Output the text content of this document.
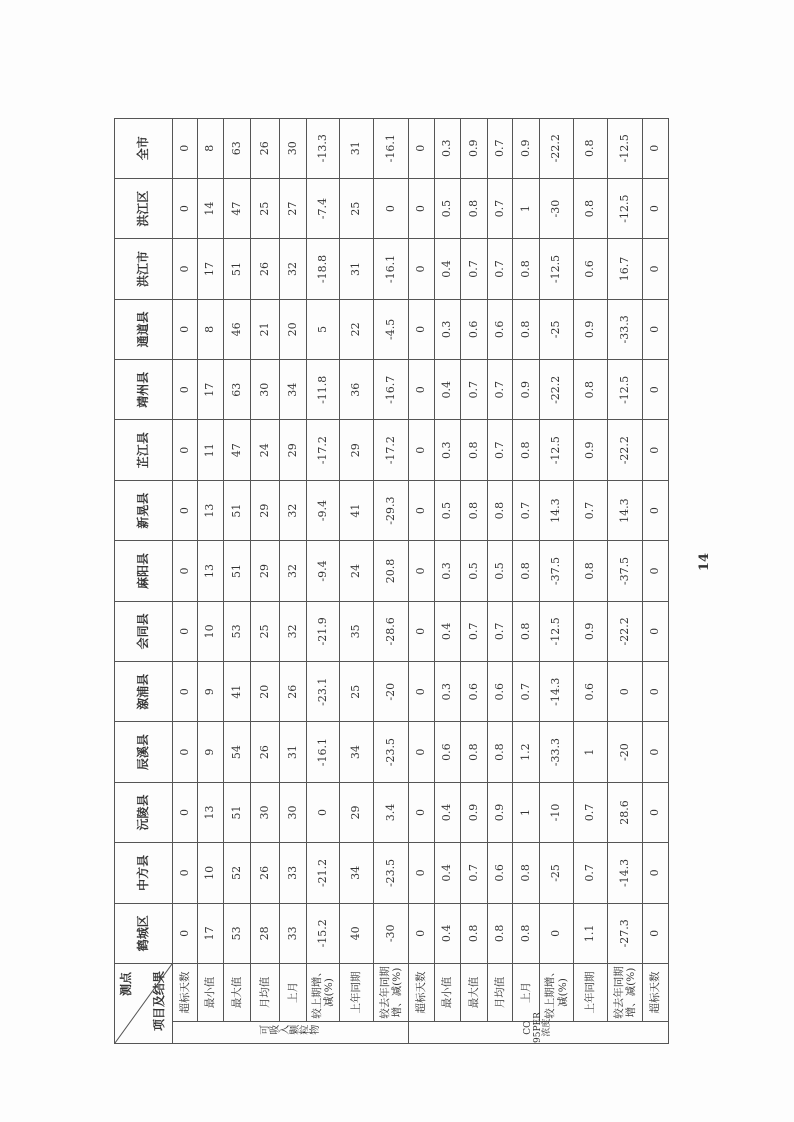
测点 项目及结果		鹤城区	中方县	沅陵县	辰溪县	溆浦县	会同县	麻阳县	新晃县	芷江县	靖州县	通道县	洪江市	洪江区	全市
可吸入颗粒物	超标天数	0	0	0	0	0	0	0	0	0	0	0	0	0	0
	最小值	17	10	13	9	9	10	13	13	11	17	8	17	14	8
	最大值	53	52	51	54	41	53	51	51	47	63	46	51	47	63
	月均值	28	26	30	26	20	25	29	29	24	30	21	26	25	26
	上月	33	33	30	31	26	32	32	32	29	34	20	32	27	30
	较上期增、减(%)	-15.2	-21.2	0	-16.1	-23.1	-21.9	-9.4	-9.4	-17.2	-11.8	5	-18.8	-7.4	-13.3
	上年同期	40	34	29	34	25	35	24	41	29	36	22	31	25	31
	较去年同期增、减(%)	-30	-23.5	3.4	-23.5	-20	-28.6	20.8	-29.3	-17.2	-16.7	-4.5	-16.1	0	-16.1
CO 95PER浓度	超标天数	0	0	0	0	0	0	0	0	0	0	0	0	0	0
	最小值	0.4	0.4	0.4	0.6	0.3	0.4	0.3	0.5	0.3	0.4	0.3	0.4	0.5	0.3
	最大值	0.8	0.7	0.9	0.8	0.6	0.7	0.5	0.8	0.8	0.7	0.6	0.7	0.8	0.9
	月均值	0.8	0.6	0.9	0.8	0.6	0.7	0.5	0.8	0.7	0.7	0.6	0.7	0.7	0.7
	上月	0.8	0.8	1	1.2	0.7	0.8	0.8	0.7	0.8	0.9	0.8	0.8	1	0.9
	较上期增、减(%)	0	-25	-10	-33.3	-14.3	-12.5	-37.5	14.3	-12.5	-22.2	-25	-12.5	-30	-22.2
	上年同期	1.1	0.7	0.7	1	0.6	0.9	0.8	0.7	0.9	0.8	0.9	0.6	0.8	0.8
	较去年同期增、减(%)	-27.3	-14.3	28.6	-20	0	-22.2	-37.5	14.3	-22.2	-12.5	-33.3	16.7	-12.5	-12.5
	超标天数	0	0	0	0	0	0	0	0	0	0	0	0	0	0
14
